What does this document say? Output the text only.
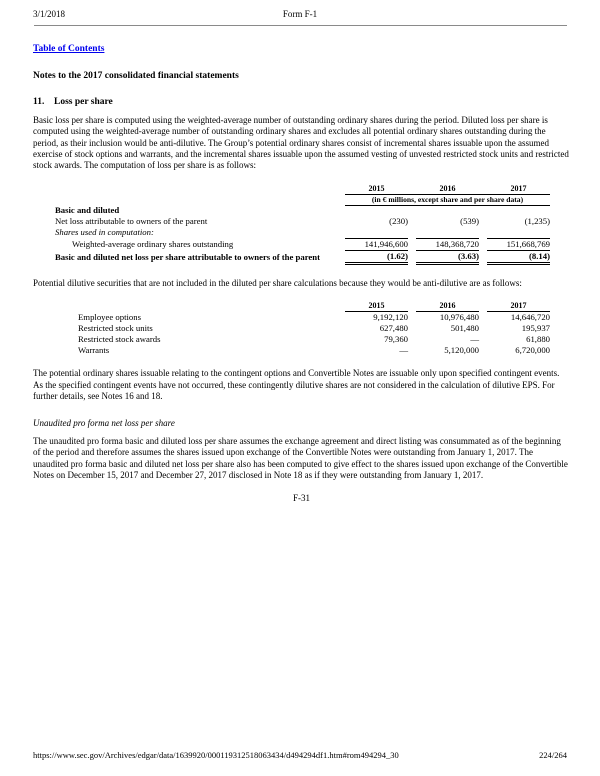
3/1/2018	Form F-1
Table of Contents
Notes to the 2017 consolidated financial statements
11.	Loss per share

Basic loss per share is computed using the weighted-average number of outstanding ordinary shares during the period. Diluted loss per share is computed using the weighted-average number of outstanding ordinary shares and excludes all potential ordinary shares outstanding during the period, as their inclusion would be anti-dilutive. The Group’s potential ordinary shares consist of incremental shares issuable upon the assumed exercise of stock options and warrants, and the incremental shares issuable upon the assumed vesting of unvested restricted stock units and restricted stock awards. The computation of loss per share is as follows:

	2015		2016		2017
	(in € millions, except share and per share data)				
Basic and diluted					
Net loss attributable to owners of the parent	(230)		(539)		(1,235)
Shares used in computation:					
Weighted-average ordinary shares outstanding	141,946,600		148,368,720		151,668,769
Basic and diluted net loss per share attributable to owners of the parent	(1.62)		(3.63)		(8.14)

Potential dilutive securities that are not included in the diluted per share calculations because they would be anti-dilutive are as follows:

	2015		2016		2017
Employee options	9,192,120		10,976,480		14,646,720
Restricted stock units	627,480		501,480		195,937
Restricted stock awards	79,360		—		61,880
Warrants	—		5,120,000		6,720,000

The potential ordinary shares issuable relating to the contingent options and Convertible Notes are issuable only upon specified contingent events. As the specified contingent events have not occurred, these contingently dilutive shares are not considered in the calculation of dilutive EPS. For further details, see Notes 16 and 18.

Unaudited pro forma net loss per share

The unaudited pro forma basic and diluted loss per share assumes the exchange agreement and direct listing was consummated as of the beginning of the period and therefore assumes the shares issued upon exchange of the Convertible Notes were outstanding from January 1, 2017. The unaudited pro forma basic and diluted net loss per share also has been computed to give effect to the shares issued upon exchange of the Convertible Notes on December 15, 2017 and December 27, 2017 disclosed in Note 18 as if they were outstanding from January 1, 2017.

F-31
https://www.sec.gov/Archives/edgar/data/1639920/000119312518063434/d494294df1.htm#rom494294_30	224/264
